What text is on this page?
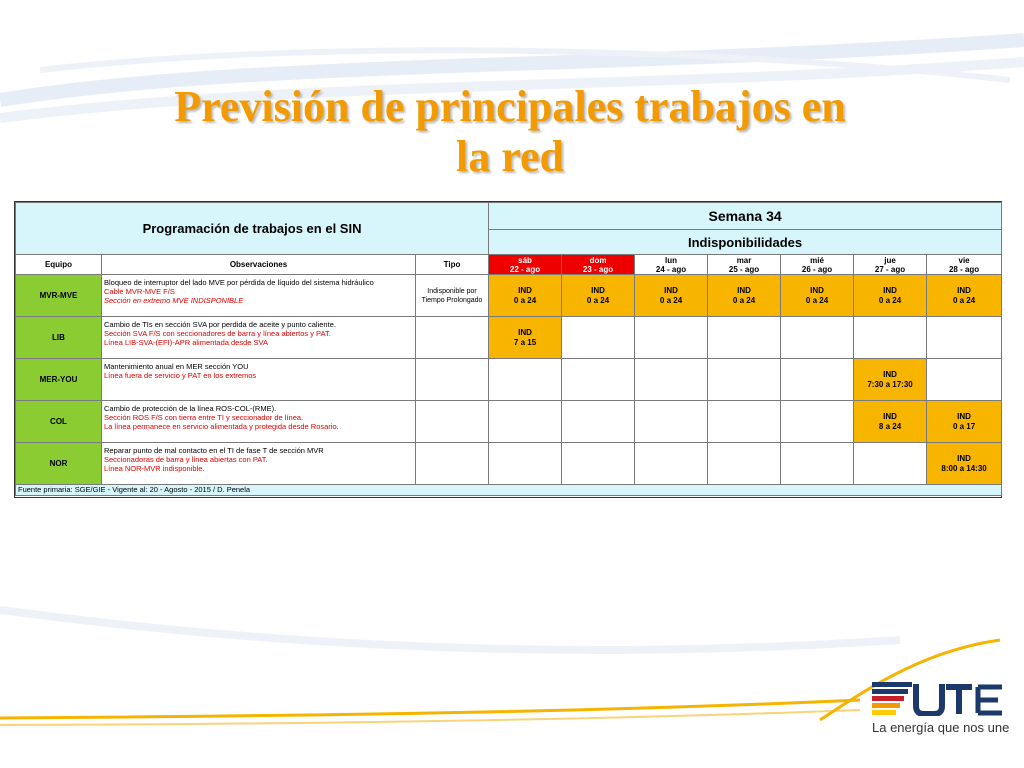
Previsión de principales trabajos en
la red
Programación de trabajos en el SIN			Semana 34						
			Indisponibilidades						
Equipo	Observaciones	Tipo	sáb
22 - ago	dom
23 - ago	lun
24 - ago	mar
25 - ago	mié
26 - ago	jue
27 - ago	vie
28 - ago
MVR-MVE	Bloqueo de interruptor del lado MVE por pérdida de líquido del sistema hidráulico
Cable MVR-MVE F/S
Sección en extremo MVE INDISPONIBLE	Indisponible por Tiempo Prolongado	IND
0 a 24	IND
0 a 24	IND
0 a 24	IND
0 a 24	IND
0 a 24	IND
0 a 24	IND
0 a 24
LIB	Cambio de TIs en sección SVA por perdida de aceite y punto caliente.
Sección SVA F/S con seccionadores de barra y línea abiertos y PAT.
Línea LIB-SVA-(EFI)-APR alimentada desde SVA		IND
7 a 15						
MER-YOU	Mantenimiento anual en MER sección YOU
Línea fuera de servicio y PAT en los extremos							IND
7:30 a 17:30	
COL	Cambio de protección de la línea ROS-COL-(RME).
Sección ROS F/S con tierra entre TI y seccionador de línea.
La línea permanece en servicio alimentada y protegida desde Rosario.							IND
8 a 24	IND
0 a 17
NOR	Reparar punto de mal contacto en el TI de fase T de sección MVR
Seccionadoras de barra y línea abiertas con PAT.
Línea NOR-MVR indisponible.								IND
8:00 a 14:30
Fuente primaria: SGE/GIE - Vigente al: 20 - Agosto - 2015 / D. Penela									
La energía que nos une
